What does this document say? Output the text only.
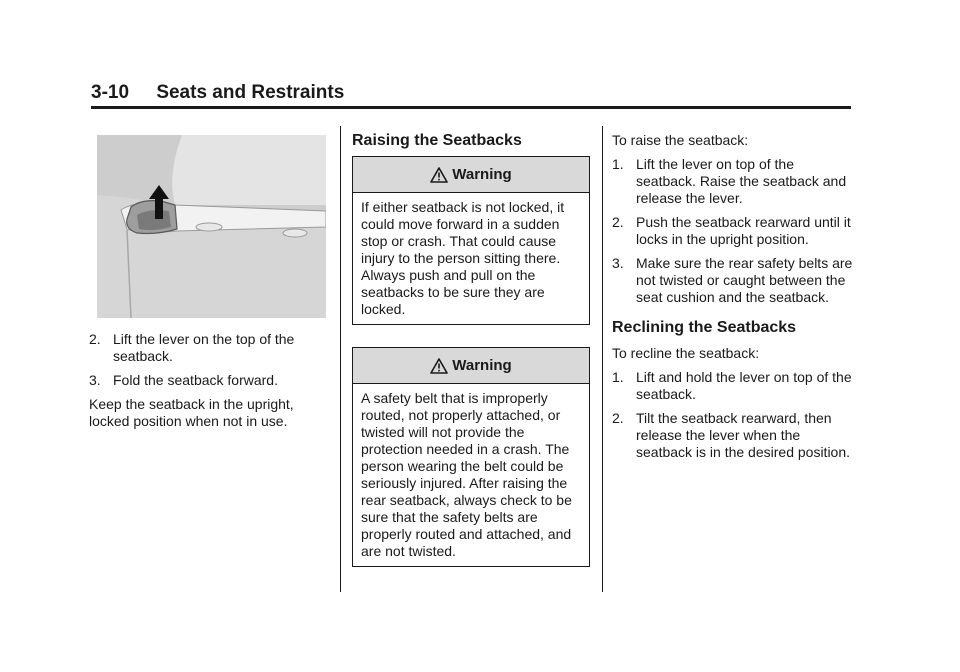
3-10 Seats and Restraints
2. Lift the lever on the top of the seatback.
3. Fold the seatback forward.

Keep the seatback in the upright, locked position when not in use.

Raising the Seatbacks
Warning

If either seatback is not locked, it could move forward in a sudden stop or crash. That could cause injury to the person sitting there. Always push and pull on the seatbacks to be sure they are locked.

Warning

A safety belt that is improperly routed, not properly attached, or twisted will not provide the protection needed in a crash. The person wearing the belt could be seriously injured. After raising the rear seatback, always check to be sure that the safety belts are properly routed and attached, and are not twisted.

To raise the seatback:

1. Lift the lever on top of the seatback. Raise the seatback and release the lever.
2. Push the seatback rearward until it locks in the upright position.
3. Make sure the rear safety belts are not twisted or caught between the seat cushion and the seatback.
Reclining the Seatbacks

To recline the seatback:

1. Lift and hold the lever on top of the seatback.
2. Tilt the seatback rearward, then release the lever when the seatback is in the desired position.
